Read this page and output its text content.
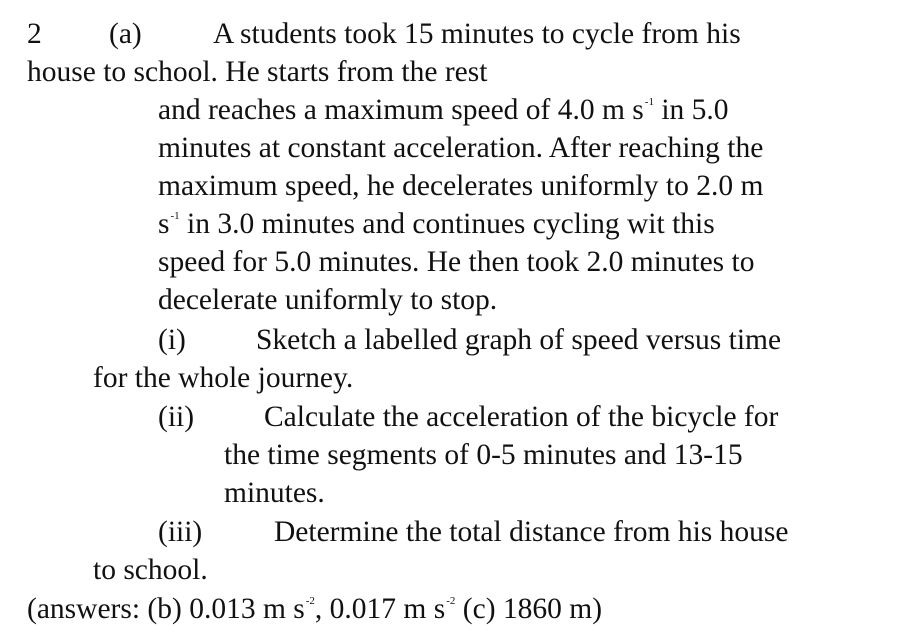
2 (a) A students took 15 minutes to cycle from his
house to school. He starts from the rest
and reaches a maximum speed of 4.0 m $s^{-1}$ in 5.0
minutes at constant acceleration. After reaching the
maximum speed, he decelerates uniformly to 2.0 m
$s^{-1}$ in 3.0 minutes and continues cycling wit this
speed for 5.0 minutes. He then took 2.0 minutes to
decelerate uniformly to stop.
(i) Sketch a labelled graph of speed versus time
for the whole journey.
(ii) Calculate the acceleration of the bicycle for
the time segments of 0-5 minutes and 13-15
minutes.
(iii) Determine the total distance from his house
to school.
(answers: (b) 0.013 m $s^{-2}$, 0.017 m $s^{-2}$ (c) 1860 m)
